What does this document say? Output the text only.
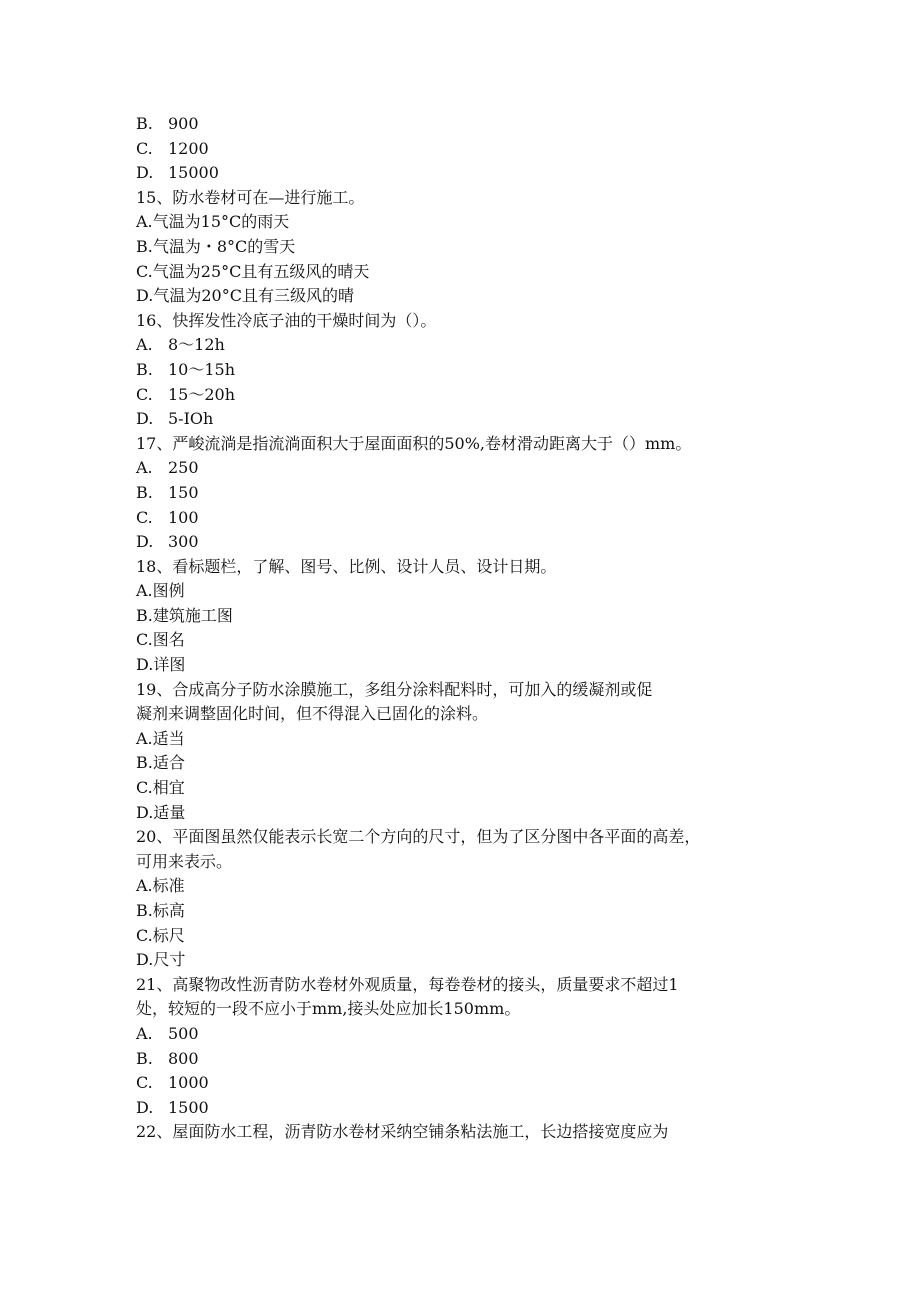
B. 900
C. 1200
D. 15000
15、防水卷材可在—进行施工。
A.气温为15°C的雨天
B.气温为・8°C的雪天
C.气温为25°C且有五级风的晴天
D.气温为20°C且有三级风的晴
16、快挥发性冷底子油的干燥时间为（）。
A. 8～12h
B. 10～15h
C. 15～20h
D. 5-IOh
17、严峻流淌是指流淌面积大于屋面面积的50%,卷材滑动距离大于（）mm。
A. 250
B. 150
C. 100
D. 300
18、看标题栏，了解、图号、比例、设计人员、设计日期。
A.图例
B.建筑施工图
C.图名
D.详图
19、合成高分子防水涂膜施工，多组分涂料配料时，可加入的缓凝剂或促
凝剂来调整固化时间，但不得混入已固化的涂料。
A.适当
B.适合
C.相宜
D.适量
20、平面图虽然仅能表示长宽二个方向的尺寸，但为了区分图中各平面的高差，
可用来表示。
A.标准
B.标高
C.标尺
D.尺寸
21、高聚物改性沥青防水卷材外观质量，每卷卷材的接头，质量要求不超过1
处，较短的一段不应小于mm,接头处应加长150mm。
A. 500
B. 800
C. 1000
D. 1500
22、屋面防水工程，沥青防水卷材采纳空铺条粘法施工，长边搭接宽度应为
